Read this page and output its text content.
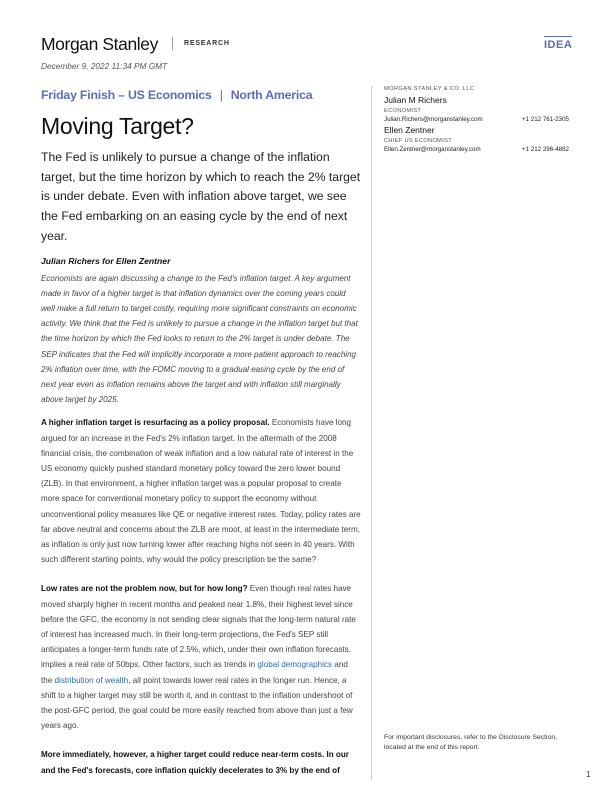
Morgan Stanley	RESEARCH	IDEA
December 9, 2022 11:34 PM GMT
Friday Finish – US Economics | North America
Moving Target?
The Fed is unlikely to pursue a change of the inflation target, but the time horizon by which to reach the 2% target is under debate. Even with inflation above target, we see the Fed embarking on an easing cycle by the end of next year.
Julian Richers for Ellen Zentner
Economists are again discussing a change to the Fed's inflation target. A key argument made in favor of a higher target is that inflation dynamics over the coming years could well make a full return to target costly, requiring more significant constraints on economic activity. We think that the Fed is unlikely to pursue a change in the inflation target but that the time horizon by which the Fed looks to return to the 2% target is under debate. The SEP indicates that the Fed will implicitly incorporate a more patient approach to reaching 2% inflation over time, with the FOMC moving to a gradual easing cycle by the end of next year even as inflation remains above the target and with inflation still marginally above target by 2025.
A higher inflation target is resurfacing as a policy proposal. Economists have long argued for an increase in the Fed's 2% inflation target. In the aftermath of the 2008 financial crisis, the combination of weak inflation and a low natural rate of interest in the US economy quickly pushed standard monetary policy toward the zero lower bound (ZLB). In that environment, a higher inflation target was a popular proposal to create more space for conventional monetary policy to support the economy without unconventional policy measures like QE or negative interest rates. Today, policy rates are far above neutral and concerns about the ZLB are moot, at least in the intermediate term, as inflation is only just now turning lower after reaching highs not seen in 40 years. With such different starting points, why would the policy prescription be the same?
Low rates are not the problem now, but for how long? Even though real rates have moved sharply higher in recent months and peaked near 1.8%, their highest level since before the GFC, the economy is not sending clear signals that the long-term natural rate of interest has increased much. In their long-term projections, the Fed's SEP still anticipates a longer-term funds rate of 2.5%, which, under their own inflation forecasts, implies a real rate of 50bps. Other factors, such as trends in global demographics and the distribution of wealth, all point towards lower real rates in the longer run. Hence, a shift to a higher target may still be worth it, and in contrast to the inflation undershoot of the post-GFC period, the goal could be more easily reached from above than just a few years ago.
More immediately, however, a higher target could reduce near-term costs. In our and the Fed's forecasts, core inflation quickly decelerates to 3% by the end of
MORGAN STANLEY & CO. LLC
Julian M Richers
ECONOMIST
Julian.Richers@morganstanley.com	+1 212 761-2305
Ellen Zentner
CHIEF US ECONOMIST
Ellen.Zentner@morganstanley.com	+1 212 296-4882
For important disclosures, refer to the Disclosure Section, located at the end of this report.
1
